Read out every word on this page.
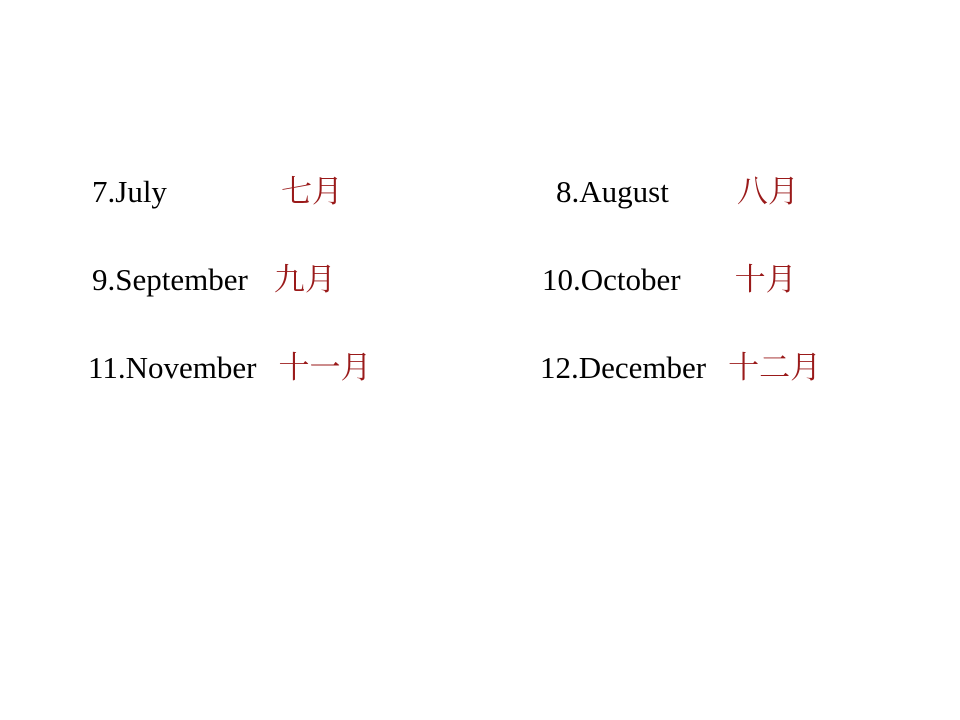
7.July	七月	8.August 八月
9.September 九月	10.October 十月
11.November 十一月	12.December 十二月
